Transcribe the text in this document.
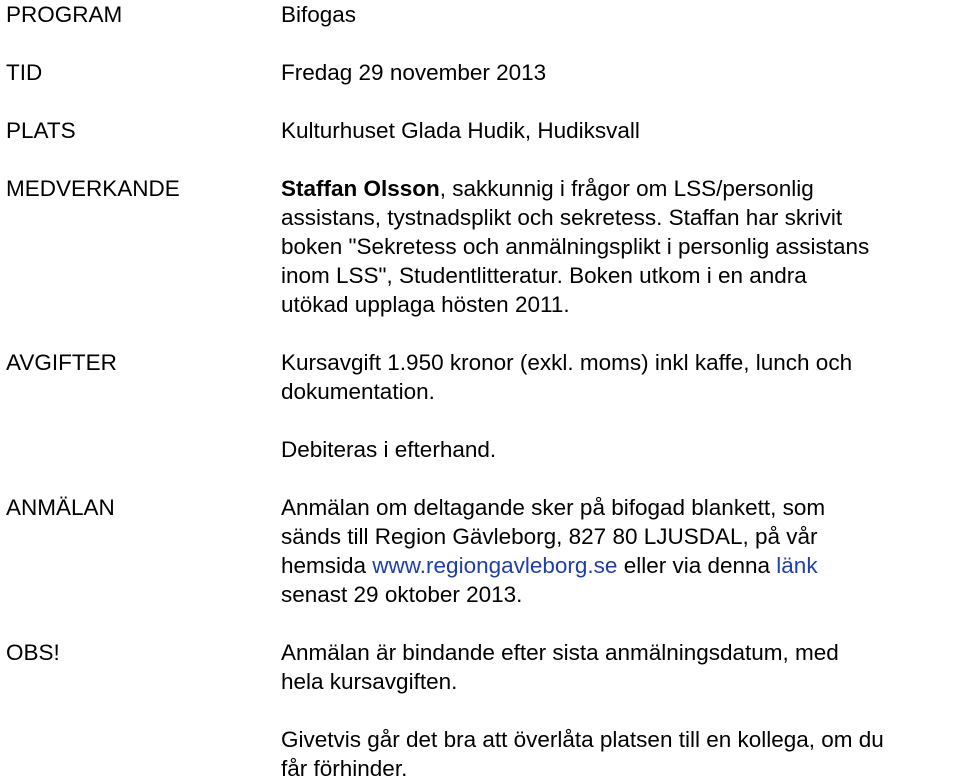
PROGRAM	Bifogas
TID	Fredag 29 november 2013
PLATS	Kulturhuset Glada Hudik, Hudiksvall
MEDVERKANDE	Staffan Olsson, sakkunnig i frågor om LSS/personlig
assistans, tystnadsplikt och sekretess. Staffan har skrivit
boken "Sekretess och anmälningsplikt i personlig assistans
inom LSS", Studentlitteratur. Boken utkom i en andra
utökad upplaga hösten 2011.
AVGIFTER	Kursavgift 1.950 kronor (exkl. moms) inkl kaffe, lunch och
dokumentation.
Debiteras i efterhand.
ANMÄLAN	Anmälan om deltagande sker på bifogad blankett, som
sänds till Region Gävleborg, 827 80 LJUSDAL, på vår
hemsida www.regiongavleborg.se eller via denna länk
senast 29 oktober 2013.
OBS!	Anmälan är bindande efter sista anmälningsdatum, med
hela kursavgiften.
Givetvis går det bra att överlåta platsen till en kollega, om du
får förhinder.
